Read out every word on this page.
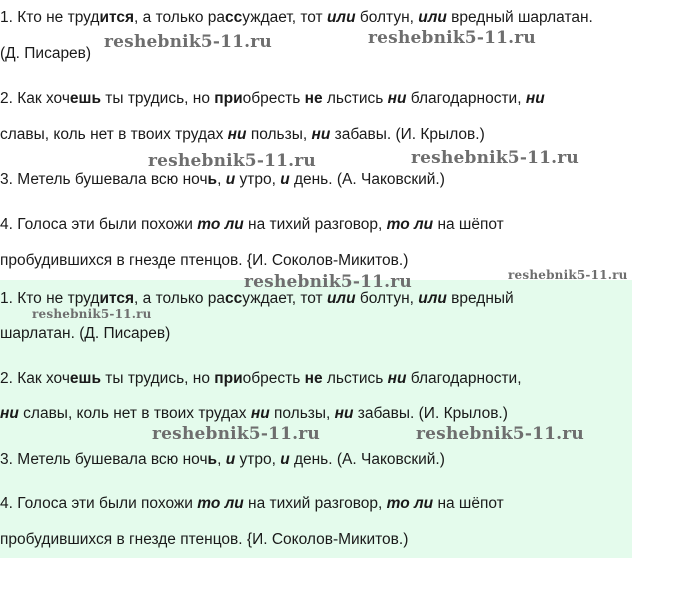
1. Кто не трудится, а только рассуждает, тот или болтун, или вредный шарлатан.
(Д. Писарев)
2. Как хочешь ты трудись, но приобресть не льстись ни благодарности, ни
славы, коль нет в твоих трудах ни пользы, ни забавы. (И. Крылов.)
3. Метель бушевала всю ночь, и утро, и день. (А. Чаковский.)
4. Голоса эти были похожи то ли на тихий разговор, то ли на шёпот
пробудившихся в гнезде птенцов. {И. Соколов-Микитов.)
1. Кто не трудится, а только рассуждает, тот или болтун, или вредный
шарлатан. (Д. Писарев)
2. Как хочешь ты трудись, но приобресть не льстись ни благодарности,
ни славы, коль нет в твоих трудах ни пользы, ни забавы. (И. Крылов.)
3. Метель бушевала всю ночь, и утро, и день. (А. Чаковский.)
4. Голоса эти были похожи то ли на тихий разговор, то ли на шёпот
пробудившихся в гнезде птенцов. {И. Соколов-Микитов.)
reshebnik5-11.ru	reshebnik5-11.ru
reshebnik5-11.ru	reshebnik5-11.ru
reshebnik5-11.ru	reshebnik5-11.ru
reshebnik5-11.ru
reshebnik5-11.ru	reshebnik5-11.ru
